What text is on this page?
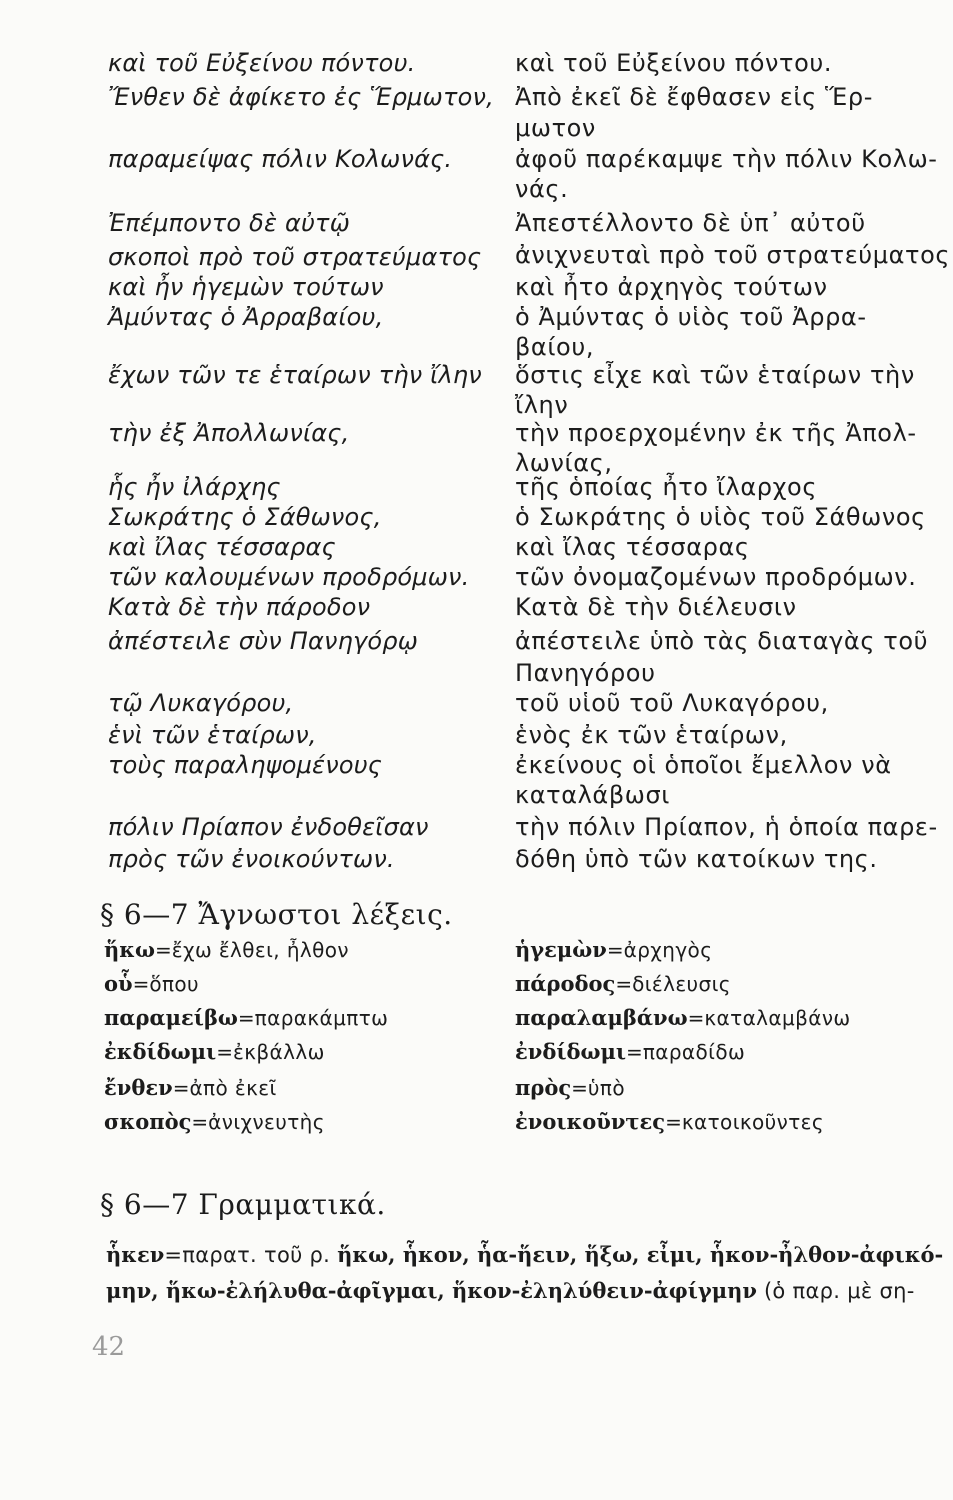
καὶ τοῦ Εὐξείνου πόντου.
Ἔνθεν δὲ ἀφίκετο ἐς Ἕρμωτον,
παραμείψας πόλιν Κολωνάς.
Ἐπέμποντο δὲ αὐτῷ
σκοποὶ πρὸ τοῦ στρατεύματος
καὶ ἦν ἡγεμὼν τούτων
Ἀμύντας ὁ Ἀρραβαίου,
ἔχων τῶν τε ἑταίρων τὴν ἴλην
τὴν ἐξ Ἀπολλωνίας,
ἧς ἦν ἰλάρχης
Σωκράτης ὁ Σάθωνος,
καὶ ἴλας τέσσαρας
τῶν καλουμένων προδρόμων.
Κατὰ δὲ τὴν πάροδον
ἀπέστειλε σὺν Πανηγόρῳ
τῷ Λυκαγόρου,
ἑνὶ τῶν ἑταίρων,
τοὺς παραληψομένους
πόλιν Πρίαπον ἐνδοθεῖσαν
πρὸς τῶν ἐνοικούντων.
καὶ τοῦ Εὐξείνου πόντου.
Ἀπὸ ἐκεῖ δὲ ἔφθασεν εἰς Ἕρ-
μωτον
ἀφοῦ παρέκαμψε τὴν πόλιν Κολω-
νάς.
Ἀπεστέλλοντο δὲ ὑπ᾽ αὐτοῦ
ἀνιχνευταὶ πρὸ τοῦ στρατεύματος
καὶ ἦτο ἀρχηγὸς τούτων
ὁ Ἀμύντας ὁ υἱὸς τοῦ Ἀρρα-
βαίου,
ὅστις εἶχε καὶ τῶν ἑταίρων τὴν
ἴλην
τὴν προερχομένην ἐκ τῆς Ἀπολ-
λωνίας,
τῆς ὁποίας ἦτο ἴλαρχος
ὁ Σωκράτης ὁ υἱὸς τοῦ Σάθωνος
καὶ ἴλας τέσσαρας
τῶν ὀνομαζομένων προδρόμων.
Κατὰ δὲ τὴν διέλευσιν
ἀπέστειλε ὑπὸ τὰς διαταγὰς τοῦ
Πανηγόρου
τοῦ υἱοῦ τοῦ Λυκαγόρου,
ἑνὸς ἐκ τῶν ἑταίρων,
ἐκείνους οἱ ὁποῖοι ἔμελλον νὰ
καταλάβωσι
τὴν πόλιν Πρίαπον, ἡ ὁποία παρε-
δόθη ὑπὸ τῶν κατοίκων της.
§ 6—7 Ἄγνωστοι λέξεις.
ἥκω=ἔχω ἔλθει, ἦλθον
οὗ=ὅπου
παραμείβω=παρακάμπτω
ἐκδίδωμι=ἐκβάλλω
ἔνθεν=ἀπὸ ἐκεῖ
σκοπὸς=ἀνιχνευτὴς
ἡγεμὼν=ἀρχηγὸς
πάροδος=διέλευσις
παραλαμβάνω=καταλαμβάνω
ἐνδίδωμι=παραδίδω
πρὸς=ὑπὸ
ἐνοικοῦντες=κατοικοῦντες
§ 6—7 Γραμματικά.
ἧκεν=παρατ. τοῦ ρ. ἥκω, ἧκον, ἧα-ἥειν, ἥξω, εἶμι, ἧκον-ἦλθον-ἀφικό-
μην, ἥκω-ἐλήλυθα-ἀφῖγμαι, ἥκον-ἐληλύθειν-ἀφίγμην (ὁ παρ. μὲ ση-
42
